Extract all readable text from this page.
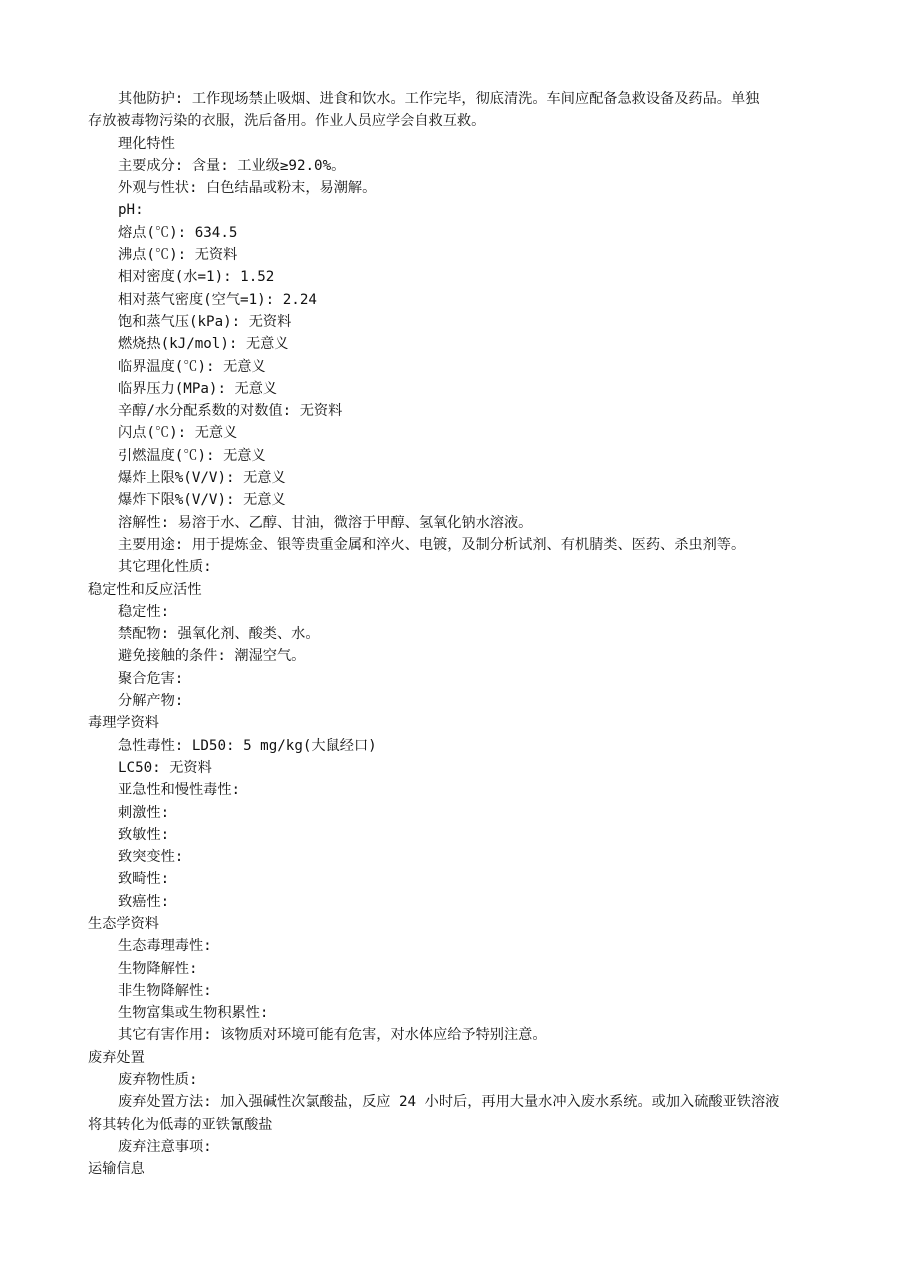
其他防护: 工作现场禁止吸烟、进食和饮水。工作完毕，彻底清洗。车间应配备急救设备及药品。单独
存放被毒物污染的衣服，洗后备用。作业人员应学会自救互救。
理化特性
主要成分: 含量: 工业级≥92.0%。
外观与性状: 白色结晶或粉末，易潮解。
pH:
熔点(℃): 634.5
沸点(℃): 无资料
相对密度(水=1): 1.52
相对蒸气密度(空气=1): 2.24
饱和蒸气压(kPa): 无资料
燃烧热(kJ/mol): 无意义
临界温度(℃): 无意义
临界压力(MPa): 无意义
辛醇/水分配系数的对数值: 无资料
闪点(℃): 无意义
引燃温度(℃): 无意义
爆炸上限%(V/V): 无意义
爆炸下限%(V/V): 无意义
溶解性: 易溶于水、乙醇、甘油，微溶于甲醇、氢氧化钠水溶液。
主要用途: 用于提炼金、银等贵重金属和淬火、电镀，及制分析试剂、有机腈类、医药、杀虫剂等。
其它理化性质:
稳定性和反应活性
稳定性:
禁配物: 强氧化剂、酸类、水。
避免接触的条件: 潮湿空气。
聚合危害:
分解产物:
毒理学资料
急性毒性: LD50: 5 mg/kg(大鼠经口)
LC50: 无资料
亚急性和慢性毒性:
刺激性:
致敏性:
致突变性:
致畸性:
致癌性:
生态学资料
生态毒理毒性:
生物降解性:
非生物降解性:
生物富集或生物积累性:
其它有害作用: 该物质对环境可能有危害，对水体应给予特别注意。
废弃处置
废弃物性质:
废弃处置方法: 加入强碱性次氯酸盐，反应 24 小时后，再用大量水冲入废水系统。或加入硫酸亚铁溶液
将其转化为低毒的亚铁氰酸盐
废弃注意事项:
运输信息
